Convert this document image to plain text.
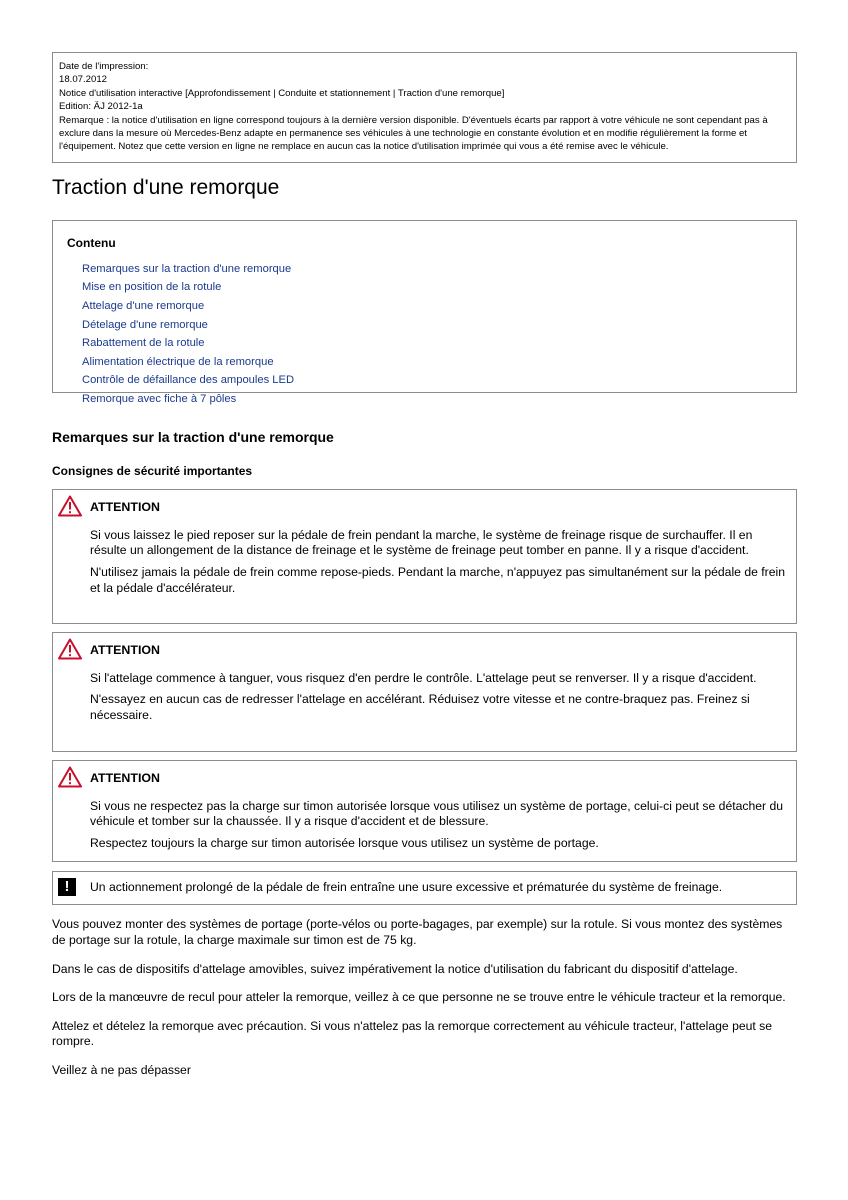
Date de l'impression:
18.07.2012
Notice d'utilisation interactive [Approfondissement | Conduite et stationnement | Traction d'une remorque]
Edition: ÄJ 2012-1a
Remarque : la notice d'utilisation en ligne correspond toujours à la dernière version disponible. D'éventuels écarts par rapport à votre véhicule ne sont cependant pas à exclure dans la mesure où Mercedes-Benz adapte en permanence ses véhicules à une technologie en constante évolution et en modifie régulièrement la forme et l'équipement. Notez que cette version en ligne ne remplace en aucun cas la notice d'utilisation imprimée qui vous a été remise avec le véhicule.
Traction d'une remorque
Contenu
Remarques sur la traction d'une remorque
Mise en position de la rotule
Attelage d'une remorque
Dételage d'une remorque
Rabattement de la rotule
Alimentation électrique de la remorque
Contrôle de défaillance des ampoules LED
Remorque avec fiche à 7 pôles
Remarques sur la traction d'une remorque
Consignes de sécurité importantes
ATTENTION

Si vous laissez le pied reposer sur la pédale de frein pendant la marche, le système de freinage risque de surchauffer. Il en résulte un allongement de la distance de freinage et le système de freinage peut tomber en panne. Il y a risque d'accident.

N'utilisez jamais la pédale de frein comme repose-pieds. Pendant la marche, n'appuyez pas simultanément sur la pédale de frein et la pédale d'accélérateur.

ATTENTION

Si l'attelage commence à tanguer, vous risquez d'en perdre le contrôle. L'attelage peut se renverser. Il y a risque d'accident.

N'essayez en aucun cas de redresser l'attelage en accélérant. Réduisez votre vitesse et ne contre-braquez pas. Freinez si nécessaire.

ATTENTION

Si vous ne respectez pas la charge sur timon autorisée lorsque vous utilisez un système de portage, celui-ci peut se détacher du véhicule et tomber sur la chaussée. Il y a risque d'accident et de blessure.

Respectez toujours la charge sur timon autorisée lorsque vous utilisez un système de portage.

!	Un actionnement prolongé de la pédale de frein entraîne une usure excessive et prématurée du système de freinage.

Vous pouvez monter des systèmes de portage (porte-vélos ou porte-bagages, par exemple) sur la rotule. Si vous montez des systèmes de portage sur la rotule, la charge maximale sur timon est de 75 kg.

Dans le cas de dispositifs d'attelage amovibles, suivez impérativement la notice d'utilisation du fabricant du dispositif d'attelage.

Lors de la manœuvre de recul pour atteler la remorque, veillez à ce que personne ne se trouve entre le véhicule tracteur et la remorque.

Attelez et dételez la remorque avec précaution. Si vous n'attelez pas la remorque correctement au véhicule tracteur, l'attelage peut se rompre.

Veillez à ne pas dépasser
